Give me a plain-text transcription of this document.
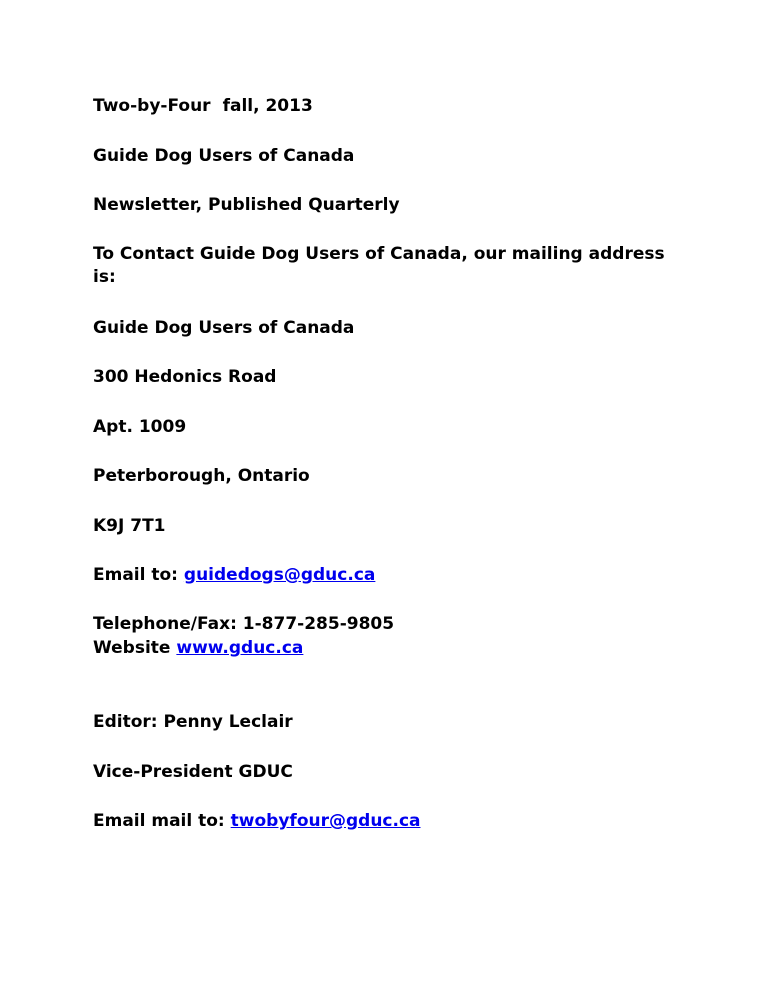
Two-by-Four fall, 2013

Guide Dog Users of Canada

Newsletter, Published Quarterly

To Contact Guide Dog Users of Canada, our mailing address is:

Guide Dog Users of Canada

300 Hedonics Road

Apt. 1009

Peterborough, Ontario

K9J 7T1

Email to: guidedogs@gduc.ca

Telephone/Fax: 1-877-285-9805

Website www.gduc.ca

Editor: Penny Leclair

Vice-President GDUC

Email mail to: twobyfour@gduc.ca
